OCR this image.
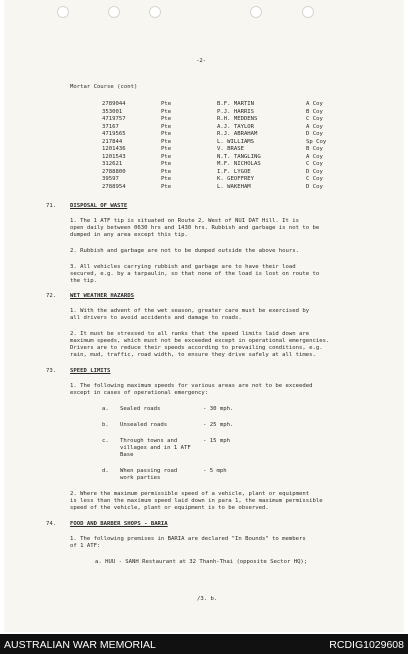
-2-
Mortar Course (cont)
2789044	Pte	B.F. MARTIN	A Coy
353001	Pte	P.J. HARRIS	B Coy
4719757	Pte	R.H. MEDDENS	C Coy
37167	Pte	A.J. TAYLOR	A Coy
4719565	Pte	R.J. ABRAHAM	D Coy
217844	Pte	L. WILLIAMS	Sp Coy
1201436	Pte	V. BRASE	B Coy
1201543	Pte	N.T. TANGLING	A Coy
312621	Pte	M.F. NICHOLAS	C Coy
2788800	Pte	I.F. LYGOE	D Coy
39597	Pte	K. GEOFFREY	C Coy
2788954	Pte	L. WAKEHAM	D Coy
71. DISPOSAL OF WASTE
1. The 1 ATF tip is situated on Route 2, West of NUI DAT Hill. It is
open daily between 0630 hrs and 1430 hrs. Rubbish and garbage is not to be
dumped in any area except this tip.
2. Rubbish and garbage are not to be dumped outside the above hours.
3. All vehicles carrying rubbish and garbage are to have their load
secured, e.g. by a tarpaulin, so that none of the load is lost on route to
the tip.
72. WET WEATHER HAZARDS
1. With the advent of the wet season, greater care must be exercised by
all drivers to avoid accidents and damage to roads.
2. It must be stressed to all ranks that the speed limits laid down are
maximum speeds, which must not be exceeded except in operational emergencies.
Drivers are to reduce their speeds according to prevailing conditions, e.g.
rain, mud, traffic, road width, to ensure they drive safely at all times.
73. SPEED LIMITS
1. The following maximum speeds for various areas are not to be exceeded
except in cases of operational emergency:
a. Sealed roads	- 30 mph.
b. Unsealed roads	- 25 mph.
c. Through towns and
villages and in 1 ATF
Base
- 15 mph
d. When passing road
work parties
- 5 mph
2. Where the maximum permissible speed of a vehicle, plant or equipment
is less than the maximum speed laid down in para 1, the maximum permissible
speed of the vehicle, plant or equipment is to be observed.
74. FOOD AND BARBER SHOPS - BARIA
1. The following premises in BARIA are declared "In Bounds" to members
of 1 ATF:
a. HUU - SANH Restaurant at 32 Thanh-Thai (opposite Sector HQ);
/3. b.
AUSTRALIAN WAR MEMORIAL	RCDIG1029608
